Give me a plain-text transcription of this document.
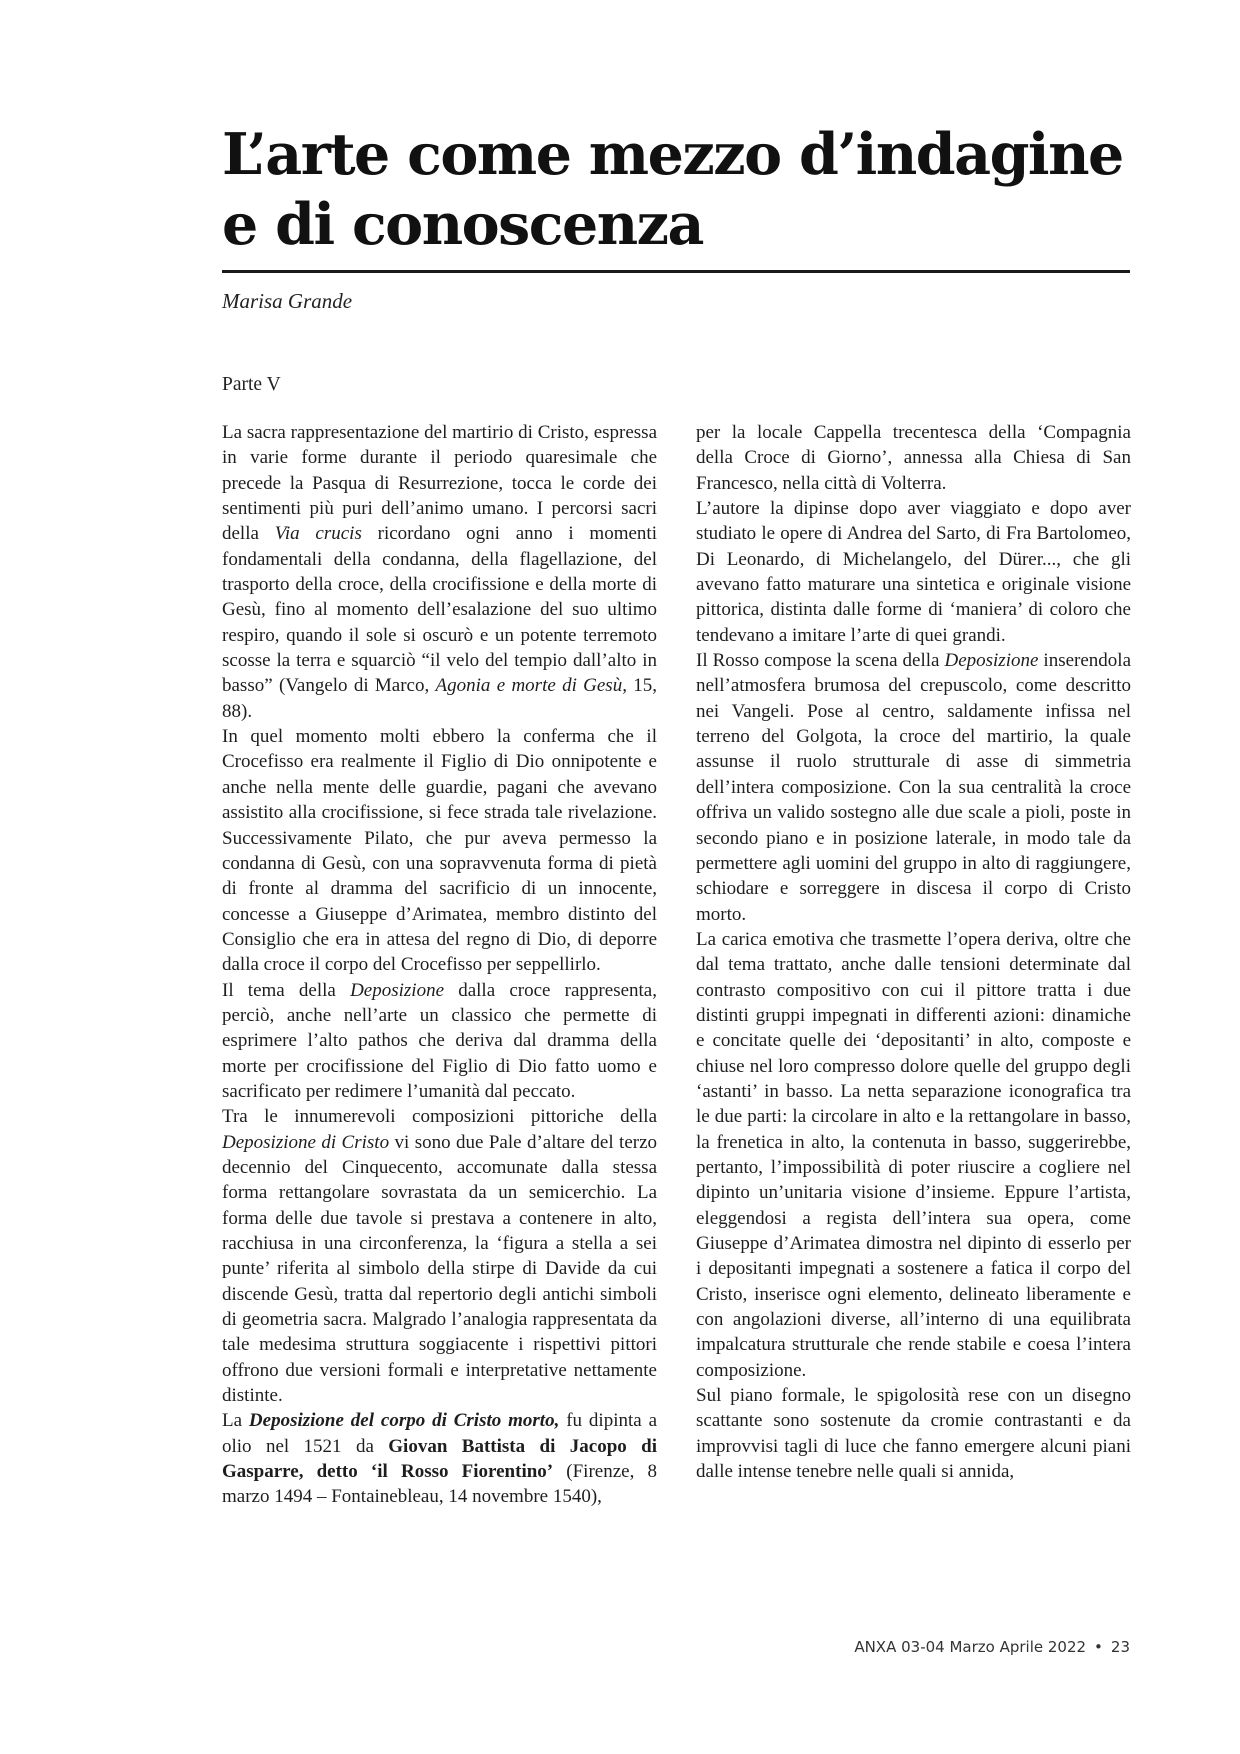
L’arte come mezzo d’indagine e di conoscenza
Marisa Grande
Parte V

La sacra rappresentazione del martirio di Cristo, espressa in varie forme durante il periodo quaresimale che precede la Pasqua di Resurrezione, tocca le corde dei sentimenti più puri dell’animo umano. I percorsi sacri della Via crucis ricordano ogni anno i momenti fondamentali della condanna, della flagellazione, del trasporto della croce, della crocifissione e della morte di Gesù, fino al momento dell’esalazione del suo ultimo respiro, quando il sole si oscurò e un potente terremoto scosse la terra e squarciò “il velo del tempio dall’alto in basso” (Vangelo di Marco, Agonia e morte di Gesù, 15, 88).

In quel momento molti ebbero la conferma che il Crocefisso era realmente il Figlio di Dio onnipotente e anche nella mente delle guardie, pagani che avevano assistito alla crocifissione, si fece strada tale rivelazione. Successivamente Pilato, che pur aveva permesso la condanna di Gesù, con una sopravvenuta forma di pietà di fronte al dramma del sacrificio di un innocente, concesse a Giuseppe d’Arimatea, membro distinto del Consiglio che era in attesa del regno di Dio, di deporre dalla croce il corpo del Crocefisso per seppellirlo.

Il tema della Deposizione dalla croce rappresenta, perciò, anche nell’arte un classico che permette di esprimere l’alto pathos che deriva dal dramma della morte per crocifissione del Figlio di Dio fatto uomo e sacrificato per redimere l’umanità dal peccato.

Tra le innumerevoli composizioni pittoriche della Deposizione di Cristo vi sono due Pale d’altare del terzo decennio del Cinquecento, accomunate dalla stessa forma rettangolare sovrastata da un semicerchio. La forma delle due tavole si prestava a contenere in alto, racchiusa in una circonferenza, la ‘figura a stella a sei punte’ riferita al simbolo della stirpe di Davide da cui discende Gesù, tratta dal repertorio degli antichi simboli di geometria sacra. Malgrado l’analogia rappresentata da tale medesima struttura soggiacente i rispettivi pittori offrono due versioni formali e interpretative nettamente distinte.

La Deposizione del corpo di Cristo morto, fu dipinta a olio nel 1521 da Giovan Battista di Jacopo di Gasparre, detto ‘il Rosso Fiorentino’ (Firenze, 8 marzo 1494 – Fontainebleau, 14 novembre 1540),

per la locale Cappella trecentesca della ‘Compagnia della Croce di Giorno’, annessa alla Chiesa di San Francesco, nella città di Volterra.

L’autore la dipinse dopo aver viaggiato e dopo aver studiato le opere di Andrea del Sarto, di Fra Bartolomeo, Di Leonardo, di Michelangelo, del Dürer..., che gli avevano fatto maturare una sintetica e originale visione pittorica, distinta dalle forme di ‘maniera’ di coloro che tendevano a imitare l’arte di quei grandi.

Il Rosso compose la scena della Deposizione inserendola nell’atmosfera brumosa del crepuscolo, come descritto nei Vangeli. Pose al centro, saldamente infissa nel terreno del Golgota, la croce del martirio, la quale assunse il ruolo strutturale di asse di simmetria dell’intera composizione. Con la sua centralità la croce offriva un valido sostegno alle due scale a pioli, poste in secondo piano e in posizione laterale, in modo tale da permettere agli uomini del gruppo in alto di raggiungere, schiodare e sorreggere in discesa il corpo di Cristo morto.

La carica emotiva che trasmette l’opera deriva, oltre che dal tema trattato, anche dalle tensioni determinate dal contrasto compositivo con cui il pittore tratta i due distinti gruppi impegnati in differenti azioni: dinamiche e concitate quelle dei ‘depositanti’ in alto, composte e chiuse nel loro compresso dolore quelle del gruppo degli ‘astanti’ in basso. La netta separazione iconografica tra le due parti: la circolare in alto e la rettangolare in basso, la frenetica in alto, la contenuta in basso, suggerirebbe, pertanto, l’impossibilità di poter riuscire a cogliere nel dipinto un’unitaria visione d’insieme. Eppure l’artista, eleggendosi a regista dell’intera sua opera, come Giuseppe d’Arimatea dimostra nel dipinto di esserlo per i depositanti impegnati a sostenere a fatica il corpo del Cristo, inserisce ogni elemento, delineato liberamente e con angolazioni diverse, all’interno di una equilibrata impalcatura strutturale che rende stabile e coesa l’intera composizione.

Sul piano formale, le spigolosità rese con un disegno scattante sono sostenute da cromie contrastanti e da improvvisi tagli di luce che fanno emergere alcuni piani dalle intense tenebre nelle quali si annida,

ANXA 03-04 Marzo Aprile 2022 • 23
